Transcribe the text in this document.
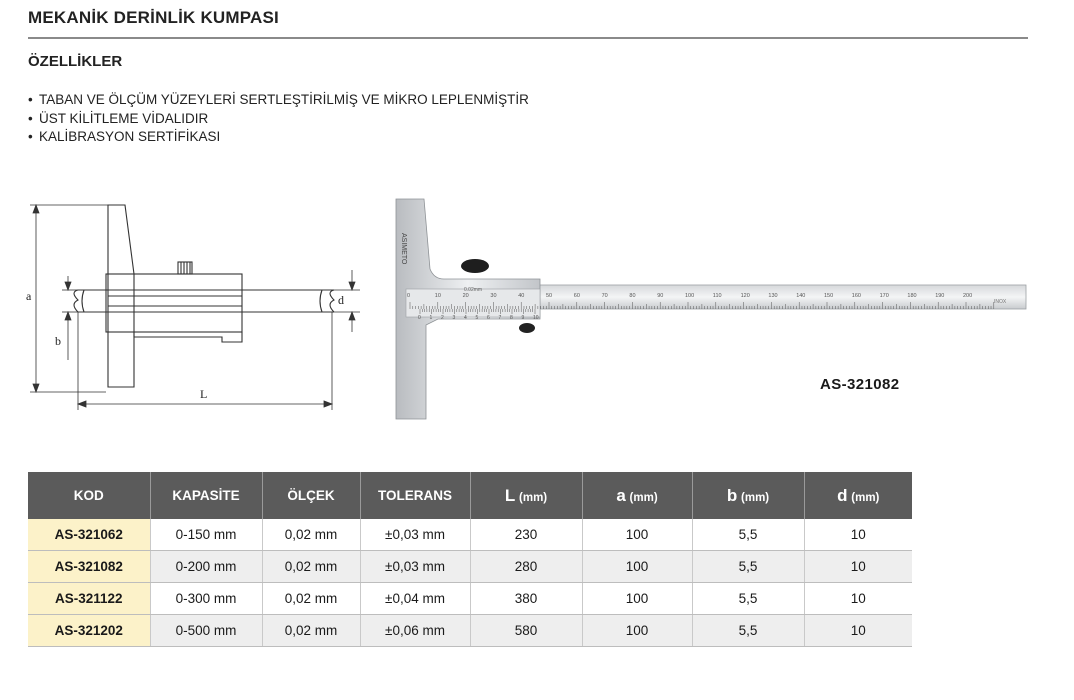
MEKANİK DERİNLİK KUMPASI
ÖZELLİKLER
• TABAN VE ÖLÇÜM YÜZEYLERİ SERTLEŞTİRİLMİŞ VE MİKRO LEPLENMİŞTİR
• ÜST KİLİTLEME VİDALIDIR
• KALİBRASYON SERTİFİKASI
a
b
d
L
0	10	20	30	40	50	60	70	80	90	100	110	120	130	140	150	160	170	180	190	200
0 1 2 3 4 5 6 7 8 9 10
ASIMETO
0.02mm
INOX
AS-321082
KOD	KAPASİTE	ÖLÇEK	TOLERANS	L (mm)	a (mm)	b (mm)	d (mm)
AS-321062	0-150 mm	0,02 mm	±0,03 mm	230	100	5,5	10
AS-321082	0-200 mm	0,02 mm	±0,03 mm	280	100	5,5	10
AS-321122	0-300 mm	0,02 mm	±0,04 mm	380	100	5,5	10
AS-321202	0-500 mm	0,02 mm	±0,06 mm	580	100	5,5	10
